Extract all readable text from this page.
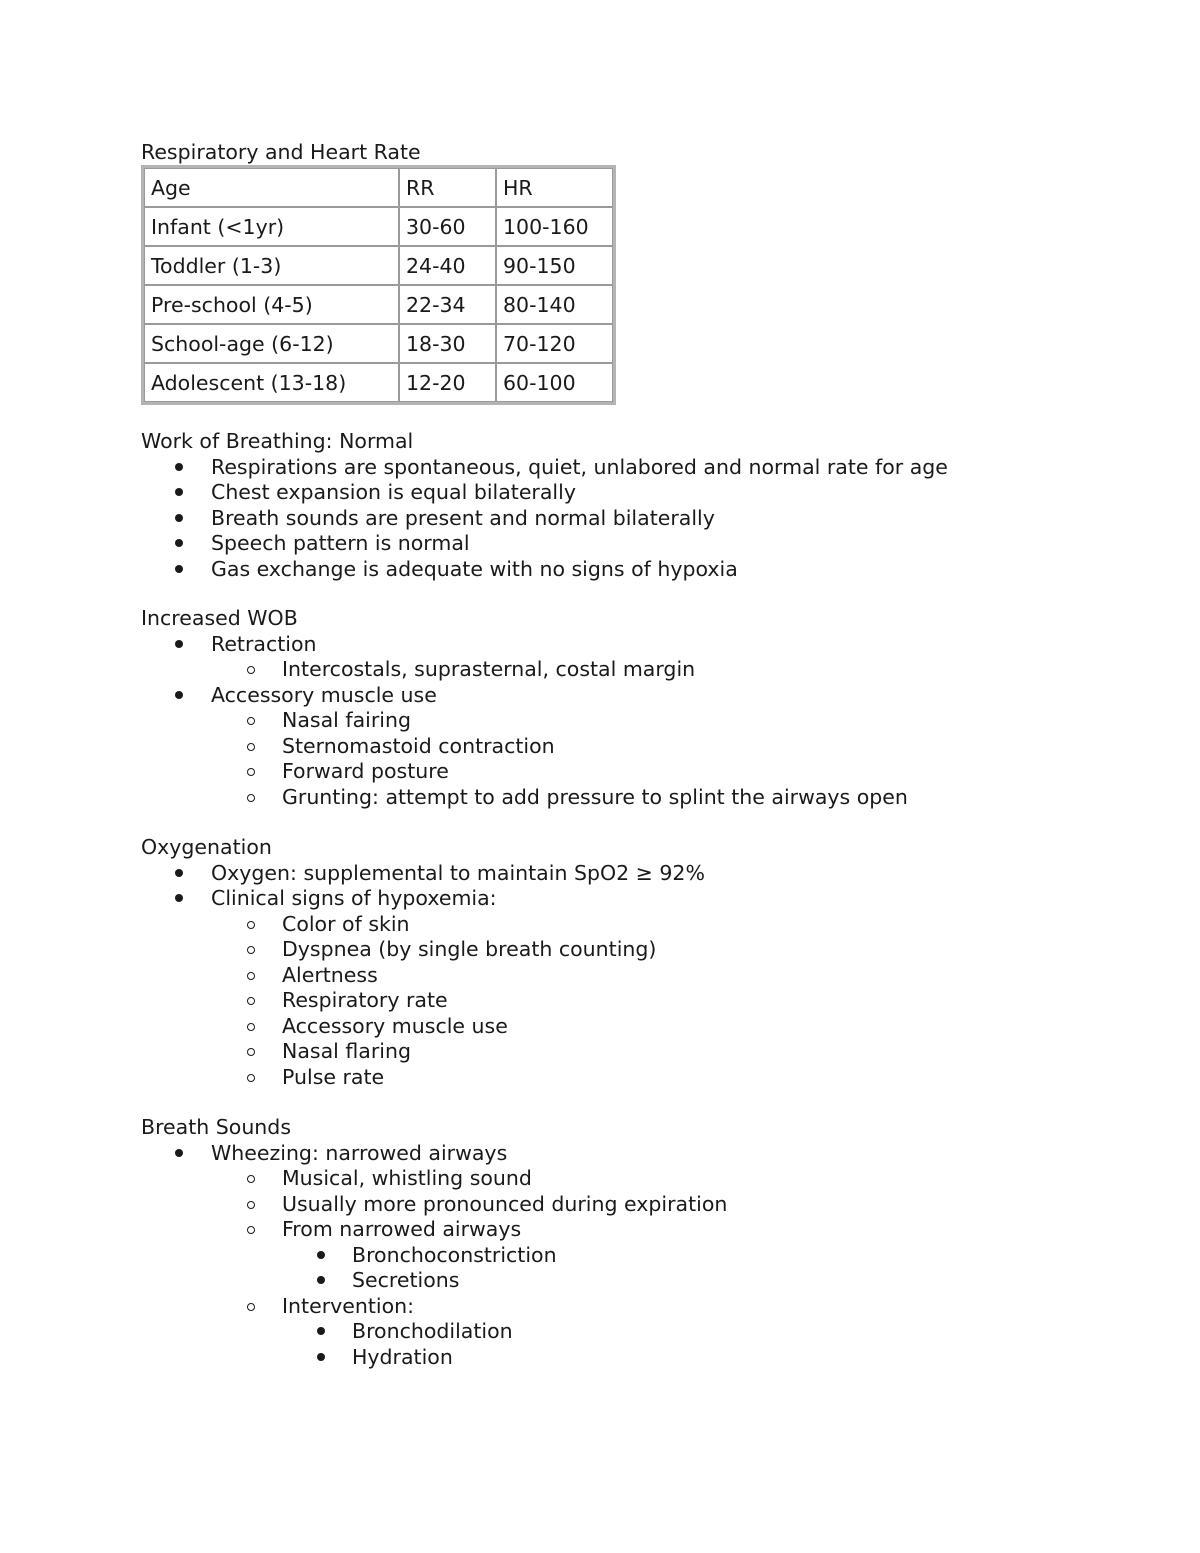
Respiratory and Heart Rate

Age	RR	HR
Infant (<1yr)	30-60	100-160
Toddler (1-3)	24-40	90-150
Pre-school (4-5)	22-34	80-140
School-age (6-12)	18-30	70-120
Adolescent (13-18)	12-20	60-100

Work of Breathing: Normal

Respirations are spontaneous, quiet, unlabored and normal rate for age
Chest expansion is equal bilaterally
Breath sounds are present and normal bilaterally
Speech pattern is normal
Gas exchange is adequate with no signs of hypoxia

Increased WOB

Retraction
Intercostals, suprasternal, costal margin
Accessory muscle use
Nasal fairing
Sternomastoid contraction
Forward posture
Grunting: attempt to add pressure to splint the airways open

Oxygenation

Oxygen: supplemental to maintain SpO2 ≥ 92%
Clinical signs of hypoxemia:
Color of skin
Dyspnea (by single breath counting)
Alertness
Respiratory rate
Accessory muscle use
Nasal flaring
Pulse rate

Breath Sounds

Wheezing: narrowed airways
Musical, whistling sound
Usually more pronounced during expiration
From narrowed airways
Bronchoconstriction
Secretions
Intervention:
Bronchodilation
Hydration
